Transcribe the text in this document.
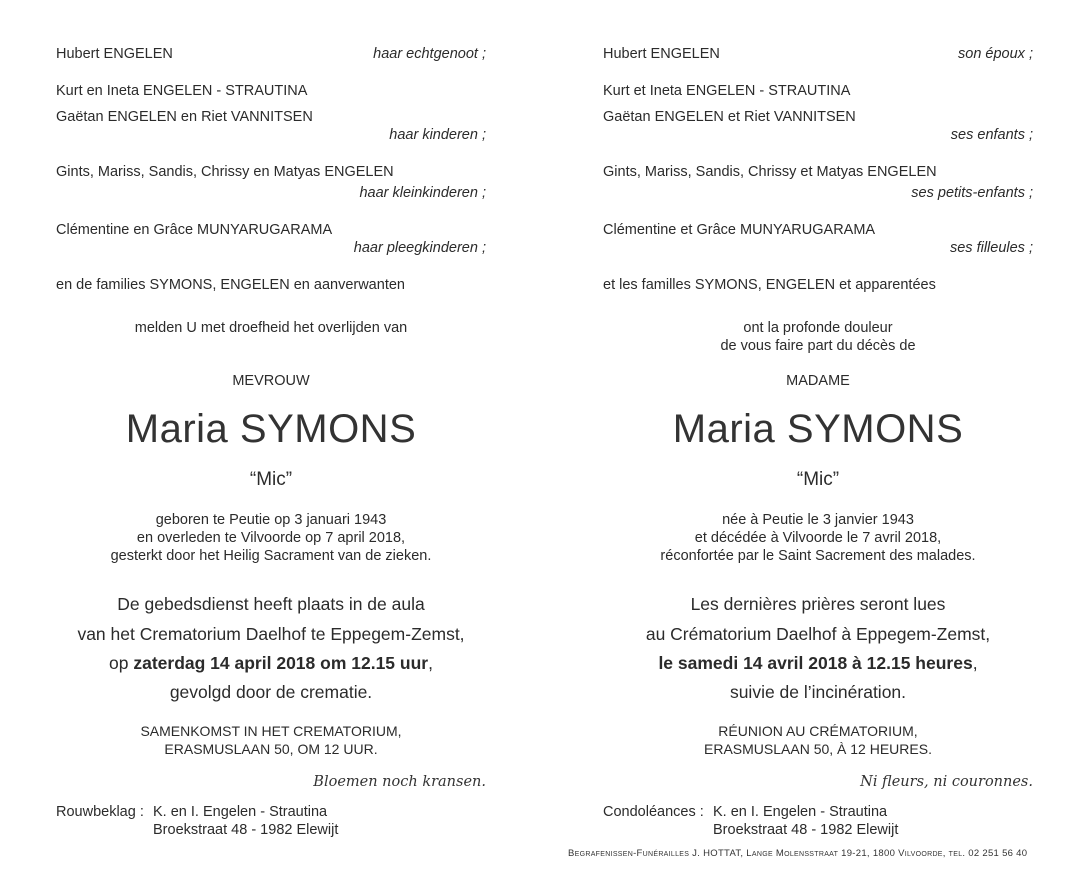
Hubert ENGELEN	haar echtgenoot ;
Kurt en Ineta ENGELEN - STRAUTINA
Gaëtan ENGELEN en Riet VANNITSEN
haar kinderen ;
Gints, Mariss, Sandis, Chrissy en Matyas ENGELEN
haar kleinkinderen ;
Clémentine en Grâce MUNYARUGARAMA
haar pleegkinderen ;
en de families SYMONS, ENGELEN en aanverwanten
melden U met droefheid het overlijden van
MEVROUW
Maria SYMONS
“Mic”
geboren te Peutie op 3 januari 1943
en overleden te Vilvoorde op 7 april 2018,
gesterkt door het Heilig Sacrament van de zieken.
De gebedsdienst heeft plaats in de aula
van het Crematorium Daelhof te Eppegem-Zemst,
op zaterdag 14 april 2018 om 12.15 uur,
gevolgd door de crematie.
SAMENKOMST IN HET CREMATORIUM,
ERASMUSLAAN 50, OM 12 UUR.
Bloemen noch kransen.
Rouwbeklag : K. en I. Engelen - Strautina
Broekstraat 48 - 1982 Elewijt
Hubert ENGELEN	son époux ;
Kurt et Ineta ENGELEN - STRAUTINA
Gaëtan ENGELEN et Riet VANNITSEN
ses enfants ;
Gints, Mariss, Sandis, Chrissy et Matyas ENGELEN
ses petits-enfants ;
Clémentine et Grâce MUNYARUGARAMA
ses filleules ;
et les familles SYMONS, ENGELEN et apparentées
ont la profonde douleur
de vous faire part du décès de
MADAME
Maria SYMONS
“Mic”
née à Peutie le 3 janvier 1943
et décédée à Vilvoorde le 7 avril 2018,
réconfortée par le Saint Sacrement des malades.
Les dernières prières seront lues
au Crématorium Daelhof à Eppegem-Zemst,
le samedi 14 avril 2018 à 12.15 heures,
suivie de l’incinération.
RÉUNION AU CRÉMATORIUM,
ERASMUSLAAN 50, À 12 HEURES.
Ni fleurs, ni couronnes.
Condoléances : K. en I. Engelen - Strautina
Broekstraat 48 - 1982 Elewijt
Begrafenissen-Funérailles J. HOTTAT, Lange Molensstraat 19-21, 1800 Vilvoorde, tel. 02 251 56 40
